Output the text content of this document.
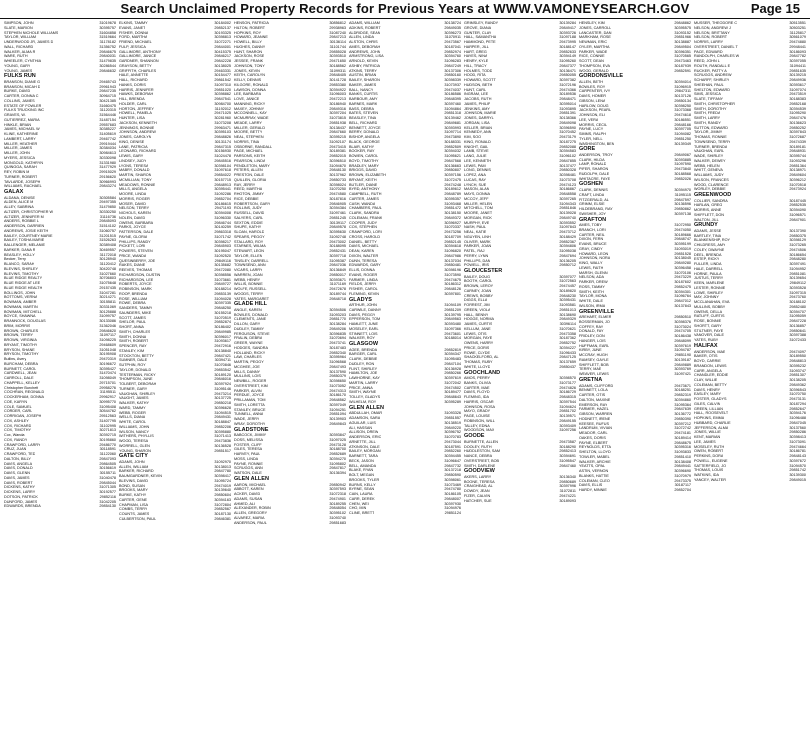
Search Unclaimed Property Records for Previous Years at WWW.VAMONEYSEARCH.GOV	Page 15
SIMPSON, JOHN	31019678
SLATE, MARION	30395757
STEPHEN NICHOLE WILLIAMS	31604858
TAYLOR, WILLIAM	31519664
UNDERWOOD JR, JAMES D	31178182
WALL, RICHARD	31356752
WALKER, ALMA R	29846675
WARE, RUTH	29840031
WHEELER, CYNTHIA	31479835
YOUNG, GARY	30286544
YOUNG, JAMES	29846632
FULKS RUN
BRANSON, DIANE G	29465743
BRANSON, MICAH D	29961943
BURKE, DAVID	29847235
CARTER, DONNA C	30964715
COLLINS, JAMES	30421385
ESTATE OF FOWLER	31660475
FULKS TRUCKING INC	31120315
GRAVES, W.	31564446
GUTIERREZ, MARIA	31487154
HINKLE, BRIAN	29557683
JAMES, MICHAEL W	30385227
KLINE, KATHERINE	31405619
LAMBERT, LARRY	29467742
MILLER, HEATHER	29919444
MILLER, JAMES	30384034
MILLER, JOHN	30984613
MYERS, JESSICA	30330098
MONGOLD, KATHRYN	31331980
QUINGGA, SARAH	31477929
REY, ROBIN M	29915029
TURNER, ROBERT	29156620
TAVLARDE, JOSEPH	30966993
WILLIAMS, RACHAEL	29843274
GALAX
ALDANA, DENISE	30305584
ALDEN, ALICE M	29497355
ALLEY, SABRINA	31479850
ALTIZER, CHRISTOPHER W	30330250
ALTIZER, JENNIFER M	31116736
ANDERS, ROBBIE L	29845093
ANDERSON, DARRIEN	31514102
ANDREWS, JOSIE KEITH	31060757
BAILEY, COURTNEY MARIE	31201515
BAILEY, TOSHA MARIE	31526263
BALLENGER, MELANIE	30389408
BARKER, DANA R	30469557
BEASLEY, HOLLY	31172018
Becker, Terry	30128940
BLANCO, SARAH	31120412
BLEVINS, SHIRLEY	30420748
BLEVINS, TIMOTHY	31027660
BLUE RIDGE REALTY	30706803
BLUE RIDGE AT LEE	31075648
BLUE RIDGE HEALTH	29157435
BOLLINGS, JOHN	31047281
BOTTOMS, VERNA	30214271
BOWMAN, AMBER	30155811
BOWMAN, MARTIN	30331069
BOWMAN, MITCHELL	30125888
BOYCE, SHAWNA	31099757
BRANNOCK, DOUGLAS	30133086
BRIM, MORRIS	31362046
BROWN, CHARLES	29846620
BROWN, TERRY	31097117
BROWN, VIRGINIA	31098225
BRYANT, TIMOTHY	29468609
BRYSON, SHANE	31051048
BRYSON, TIMOTHY	30195908
Bullins, Avery	29470319
BURCHAM, DEBRA	30196672
BURNETT, CAROL	30395427
CARDWELL, JEAN	31470474
CARROLL, DALE	31098049
CHAPPELL, KELLEY	29715701
Christopher Burchett	29958276
COCHRAN, REGINALD	31195511
COCKERHAM, DONNA	29962917
COE, KARYN	30995770
COLE, SAMUEL	31095408
CORDER, CARL	30544762
CORRIGAN, JOSEPH	29512563
COX, ASHLEY	31407795
COX, RICHARD	31102995
COX, TIMOTHY	30271813
Cox, Wanda	30392715
COX, RANDY	30195860
CRAWFORD, LARRY	29486770
CRUZ, JUAN	30118591
CRAWFORD, TED	31122060
DALTON, BILLY	29847093
DAVIS, ANGELA	29864505
DAVIS, DONALD	30156619
DAVIS, GLENN	30155711
DAVIS, JAMES	31040478
DAVIS, ROBERT	29845044
DICKENS, KATHY	31071305
DICKENS, LARRY	30192577
DOTSON, PATRICK	29852116
DUNFORD, JAMES	31042205
EDWARDS, BRENDA	29854130
ELKINS, TAMMY	30184002
EVANS, JANET	29852137
FISHER, DONNA	30193325
FORD, MARTHA	30398813
FRIEND, MICHAEL	31072271
FULP, JESSICA	29844001
GALLIMORE, ANTHONY	30415375
GALLIMORE, JANICE	29846217
GARDNER, SHANNON	29842228
GRAYSON, BETTY	30138025
GRIFFITH, CHARLES	29463331
HALE, ANNETTE	30154477
HALL, RICHARD	29861542
HANKS, DORIS	31097310
HARRIS, JENNIFER	29851020
HAWKS, DEBORAH	30398862
HILL, BRENDA	29847541
HOLDER, CARL	30984700
HORTON, JEFFREY	31192012
HOWELL, PAMELA	29471025
HUNTER, LISA	30281960
JACKSON, KENNETH	31073208
JENNINGS, BONNIE	29963471
JOHNSON, ANDREW	30395103
JONES, CAROLYN	29848826
KING, DENISE	30131174
LANE, PATRICIA	29847315
LEONARD, RICHARD	30156930
LEWIS, GARY	31024478
LINDSEY, JUDY	29845516
LYONS, TERESA	30398104
MABRY, DONALD	31097618
MARTIN, SHARON	29854022
MCMILLIAN, TONY	30157715
MEADOWS, RONNIE	29848913
MILLS, ANGELA	30395441
MOORE, LINDA	31092286
MORRIS, ROGER	29852704
MOSER, DAVID	30186615
NELSON, TERRY	29471193
NICHOLS, KAREN	30394008
NOLEN, DAVID	31096330
OWENS, BARBARA	29846744
PARKS, JOYCE	30140259
PATTERSON, DALE	29863318
PAYNE, GLORIA	31071742
PHILLIPS, RANDY	30398217
PICKETT, LORI	29845903
POWERS, STEVEN	30195047
PRICE, WANDA	31092520
QUESINBERRY, JOE	29849116
RAKES, DIANE	30135682
REEVES, THOMAS	29472080
RICHARDSON, DUSTIN	30398556
RICHARDSON, LEE	31073661
ROBERTS, JOYCE	29849727
ROBINSON, MARK	30188214
ROOP, BRENDA	29853139
ROSE, WILLIAM	31094028
ROWE, DEBRA	30397335
SANDERS, TAMMY	29848250
SAUNDERS, MIKE	30155218
SCOTT, JAMES	31070519
SHELOR, PAUL	29852874
SHORT, ANNA	30186402
SMITH, CHARLES	29849985
SMITH, DONNA	30396017
SMITH, ROBERT	31093617
SPENCER, RAY	29472916
STANLEY, KIM	30138840
STOCKTON, BETTY	29847421
SUMNER, DALE	30394711
SUTPHIN, ROY	31070846
TAYLOR, DONALD	29853542
TESTERMAN, RICKY	30189120
THOMPSON, JUNE	29846016
TOLBERT, DEBORAH	30397924
TURNER, GARY	31095146
VAUGHAN, SHIRLEY	29473214
VAUGHT, JAMES	30137725
WALKER, KATHY	29850218
WARD, TAMMY	30396628
WEBB, ROGER	31094515
WELLS, DIANA	29849431
WHITE, CAROL	30188847
WILLIAMS, JOHN	29852206
WILSON, NANCY	30395880
WITHERS, PHYLLIS	31071413
WOOD, TERESA	29473836
WORRELL, GLEN	30136528
YOUNG, SHARON	29851517
GATE CITY
ADAMS, JOHN	31092970
ALLEN, WILLIAM	30138013
BARKER, RICHARD	29847780
BAUMGARDNER, KEVIN	30398417
BLEVINS, DAVID	31095724
BOND, SUSAN	29474019
BROOKS, MARY	30139640
BURKE, KATHY	29850604
CARTER, GENE	30394163
CHAPMAN, LISA	31072804
COMBS, TERRY	29852567
COUNTS, JAMES	30187130
CULBERTSON, PAUL	29846381
HENSON, PATRICIA	30856812
HILTON, ROBERT	29938963
HOPKINS, ROY	31087240
HOWARD, JEANNE	29847213
HOWELL, BILLY	30136114
HUGHES, DANNY	31101744
HUNT, SHARON	29855028
JACKSON, ROSE	30393510
JESSEE, FRANK	29471650
JOHNSON, TONY	30188562
JONES, KEVIN	31099311
KEITH, CAROLYN	29848405
KELLY, DENNIS	30141728
KILGORE, RONALD	29853380
LAWSON, DONNA	30394922
LEE, BARBARA	31096003
LOVE, JANICE	29472213
MANNING, RICKY	30186940
MAXEY, JOHNNY	29849316
MCCONNELL, KAY	30397204
MCMURRAY, WADE	31073815
MEADE, LARRY	29851938
MILLER, GERALD	30138437
MOORE, BETTY	29847660
NEAL, STEPHEN	30395215
NORRIS, TINA	31092107
OSBORNE, RANDALL	29473415
PAGE, MICHAEL	30189381
PARSONS, KEITH	29852015
PEARSON, LINDA	30396510
PENDLETON, MARY	31094670
PETERS, ALLEN	29848130
PRESTON, DALE	30137962
QUILLEN, GLORIA	29850733
RAY, JERRY	30398024
REED, MARTHA	31070250
RHOTON, JIMMY	29474580
RICE, DEBBIE	30187816
ROBERTSON, GARY	29846905
ROLLINS, JUDY	30394384
RUSSELL, DAVID	31097461
SALYERS, CARL	29851245
SEXTON, EDDIE	30139117
SHUPE, KATHY	29849578
SLOAN, HAROLD	30395630
SPEARS, PEGGY	31092748
STALLARD, ROY	29473002
STARNES, WILMA	30188095
STEWART, LEON	29852431
TAYLOR, ELLEN	30397718
TINSLEY, DARRELL	31095387
TOWNSEND, ANN	29847036
VICARS, LARRY	30136849
WARREN, JOAN	29850017
WEBB, HENRY	30393671
WILLIS, BONNIE	31071169
WOLFE, RUSSELL	29472678
WOODS, TERRY	30189744
YATES, MARGARET	29848718
GLADE HILL
ANGLE, KAREN	30394506
BOWLES, DONALD	31093203
CLEMENTS, JANE	29851770
DILLON, GARY	30138284
DUDLEY, TAMMY	29849206
FERGUSON, STEVE	30396835
FRALIN, DEBRA	31070694
GREER, WAYNE	29473741
HODGES, SANDRA	30187483
HOLLAND, RICKY	29852340
LAW, CHARLES	30395964
MARTIN, PEGGY	31096568
MCGHEE, JOE	29847493
MILLS, DANNY	30137590
MULLINS, LOIS	29850379
NEWBILL, ROGER	30398650
OVERSTREET, KIM	31073052
PARKER, ALVIN	29474313
PERDUE, JOYCE	30186170
PRILLAMAN, TOM	29848562
SMITH, LORETTA	30397049
STANLEY, BRUCE	31094251
TUNNELL, ANNA	29851094
WADE, JERRY	30139903
WRAY, DOROTHY	29849843
GLADSTONE
BABCOCK, JIMMY	30393847
DOSS, MELISSA	31097025
FOSTER, CLIFF	29473128
GILES, TERESA	30188700
HARVEY, PAUL	29852689
MOSS, LINDA	30394270
PAYNE, RONNIE	31095802
SCRUGGS, ANN	29847817
WATSON, DALE	30136394
GLEN ALLEN
AARON, MICHAEL	29850942
ABBOTT, KAREN	30397593
ACKER, DAVID	31072318
ADAMS, SUSAN	29474901
AHMED, ALI	30189255
ALEXANDER, ROBIN	29848054
ALLEN, GREGORY	30395102
ALVAREZ, MARIA	31093740
ANDERSON, PAUL	29851683
ADAMS, WILLIAM	30138724
ADKINS, ROBERT	29849035
ALDRIDGE, SEAN	30396273
ALLEN, LINDA	31070911
ALSTON, CHRIS	29473567
AMES, DEBORAH	30187041
ANDREWS, JOHN	29852974
ARMSTRONG, LISA	30394760
ARNOLD, KEVIN	31096283
ASHBY, PATRICIA	29847249
ATKINS, TERRY	30137306
AUSTIN, BRIAN	29850160
BAILEY, SHARON	30398339
BAKER, JAMES	31073937
BALL, NANCY	29474037
BANKS, CURTIS	30186586
BARBOUR, AMY	29848395
BARNES, MARK	30397460
BASS, DEBRA	31094864
BATES, STEVEN	29851318
BEASLEY, TINA	30139462
BELL, RICHARD	29849681
BENNETT, JOYCE	30393993
BERRY, DONALD	31097714
BISHOP, ANGELA	29473890
BLACK, GEORGE	30188331
BLAIR, KATHY	29852509
BOOKER, RAY	30394032
BOWEN, CAROL	31095621
BOYD, TIMOTHY	29847568
BRADLEY, MARY	30136663
BRIGGS, DAVID	29850807
BROWN, ELIZABETH	30397156
BRYANT, KEITH	31072475
BUTLER, DIANE	29474248
BYRD, ANTHONY	30189612
CAMPBELL, RUTH	29848789
CARTER, JAMES	30395357
CASH, WANDA	31093468
CHAMBERS, PAUL	29851472
CLARK, SANDRA	30138150
COLEMAN, FRANK	29849372
COOPER, JUDY	30396927
COX, STEPHEN	31070337
CRAWFORD, LORI	29473256
CROSS, HAROLD	30187709
DANIEL, BETTY	29852145
DAVIS, MICHAEL	30394618
DEAN, KAREN	31096820
DIXON, WALTER	29847986
DUNN, TERESA	30137034
EDWARDS, GARY	29850481
ELLIS, DONNA	30398196
EVANS, ROGER	31073590
FARMER, LINDA	29474675
FIELDS, JERRY	30186312
FISHER, CAROL	29848126
FLEMING, KEVIN	30397801
GLADYS
ARTHUR, JOHN	31094109
CARWILE, DANNY	29851209
DAVIS, PEGGY	30139795
EPPERSON, TOM	29849563
HAMLETT, JUNE	30393480
MOSELEY, EARL	31097366
STINNETT, LOIS	29473601
WALKER, ROY	30188014
GLASGOW
AGEE, BRENDA	29852819
BARGER, CARL	30394347
CLARK, DEBBIE	31095483
DUDLEY, RON	29847104
FLINT, SHIRLEY	30136928
HAMILTON, JOE	29850266
LAWHORNE, KAY	30397619
MARTIN, LARRY	31072042
PRICE, ANNA	29474502
SMITH, WAYNE	30189477
TOLLEY, GLADYS	29848643
WILHELM, ROY	30395289
GLEN ALLEN
ABDULLAH, OMAR	31093326
ADAMSON, SARA	29851557
AGUILAR, LUIS	30138519
ALI, HASSAN	29849220
ALLISON, DREW	30396752
ANDERSON, ERIC	31070783
ARNETTE, JILL	29473044
ATKINSON, DALE	30187591
BAILEY, MORGAN	29852260
BARNETT, TARA	30394455
BECK, JASON	31096647
BELL, AMANDA	29847732
BLAKE, RYAN	30137218
BOLT, MEGAN	29850590
BROOKS, TYLER	30398061
BURNS, KELLY	31073469
BYRNE, SEAN	29474780
CAIN, LAURA	30186105
CARR, DEREK	29848007
CHEN, WEI	30397930
CHO, MIN	31094976
CLINE, BRETT	29851124
GRIMSLEY, RANDY	30139284
GROVE, DIANA	29849417
GUNTER, CLAY	30393726
HALL, SAMANTHA	31097188
HAMMOND, PETE	29473995
HARPER, JILL	30188147
HART, GREG	29852633
HAYES, NINA	30394149
HENRY, KYLE	31095260
HILL, TRACY	29847377
HOLMES, TODD	30136471
HOOD, RITA	29850055
HOWARD, SCOTT	30397382
HUDSON, BETH	31072196
HUNT, CARL	29474366
INGRAM, LEE	30189536
JACOBS, RUTH	29848471
JAMES, PHILIP	30395014
JENKINS, AMY	31093895
JOHNSON, MARIE	29851391
JONES, DARRYL	30138366
JORDAN, LISA	29849098
KELLER, BRIAN	30396590
KENNEDY, ANN	31070452
KIM, SOO	29473179
KING, RONALD	30187275
KNIGHT, GAIL	29852088
LAMB, STEVE	30394583
LANG, JULIE	31096102
LEE, KENNETH	29847855
LEWIS, PAM	30137477
LONG, DENNIS	29850328
LOPEZ, ANA	30398481
LUCAS, RAY	31073708
LYNCH, SUE	29474123
MASON, ALAN	30186867
MAYS, DONNA	29848558
MCCOY, JEFF	30397265
MILLER, HELEN	31094343
MITCHELL, TOM	29851846
MOORE, JANET	30139028
MORGAN, RICK	29849740
MURPHY, EVE	30393552
NASH, PAUL	31097843
NEAL, KATIE	29473712
NGUYEN, LINH	30188429
OLIVER, MARK	29852367
PARKER, JOAN	30394806
PATEL, RAJ	31095038
PERRY, LYNN	29847694
PHILLIPS, DAN	30136205
POWELL, IRIS	29850712
GLOUCESTER
BAILEY, DOUG	30397077
BOOTH, CAROL	31072563
BROWN, LEROY	29474457
CARNEY, JOAN	30189820
CREWS, BOBBY	29848230
DIGGS, ELLA	30395431
FORREST, JIM	31093581
GREEN, VIOLA	29851013
HALL, BENNY	30138690
HOGGE, NORMA	29849329
JAMES, CURTIS	30396114
KELLUM, JANE	31070621
LEWIS, OTIS	29473358
MORGAN, FAYE	30187362
OWENS, HARRY	29852752
PRICE, DORIS	30394227
ROWE, CLYDE	31096433
SHACKELFORD, AL	29847125
THOMAS, RUBY	30137659
WHITE, LLOYD	29850437
GOOCHLAND
AMOS, PERRY	30398570
BANKS, OLIVIA	31073177
CARTER, MAE	29474826
DAVIS, FLOYD	30186729
FLEMING, IDA	29848315
HARRIS, OSCAR	30397544
JOHNSON, ROSA	31094624
MAYO, GRADY	29851702
PAGE, LOUISE	30139571
ROBINSON, WILL	29849155
TALLEY, EDNA	30393409
WOODSON, MAX	31097256
GOODE
BURNETTE, ALLEN	29473587
DOOLEY, RUTH	30188290
HUDDLESTON, SAM	29852413
NANCE, DEBRA	30394691
OVERSTREET, BOB	31095547
SMITH, DARLENE	29847460
GOODVIEW
AKERS, LARRY	30136340
BOONE, TERESA	29850689
CRAIGHEAD, AL	30397996
DOWDY, JEAN	31072811
FIZER, CALVIN	29474221
HATCHER, SUE	30189093
HENSLEY, KIM	29848862
JONES, CARROLL	30395575
LANCASTER, DAN	31093152
MARKHAM, ROSE	29851966
NEWMAN, ERIC	30138887
OYLER, MARTHA	29849504
PARKER, WADE	30396351
RICE, CONNIE	31070565
SCOTT, DEAN	29473463
THOMPSON, EVA	30187939
WOOD, GERALD	29852591
GORDONSVILLE
ALLEN, BETH	30394014
BOWLES, ROY	31096915
CARPENTER, IVY	29847311
DAVIS, HOMER	30137126
GIBSON, LENA	29850134
HARLOW, DOUG	30398250
JACKSON, PEARL	31073368
JOHNSON, ELI	29474618
LEE, VERA	30186551
MORRIS, CECIL	29848166
PAYNE, LUCY	30397705
SIMMS, RALPH	31094082
TYLER, NELL	29851250
WASHINGTON, BEN	30139349
GORE
ANDERSON, TROY	29849067
CLARK, HILDA	30393885
LAMP, RONALD	31097590
PIFER, SHARON	29473840
RUDOLPH, DALE	30188568
WHITACRE, FAYE	29852026
GOSHEN
CLARK, DENNIS	30394970
CRAFT, LINDA	31095115
FITZGERALD, AL	29847597
GRIMM, ELSIE	30136596
HILDEBRAND, RAY	29850862
SWISHER, JOY	30397138
GRAFTON
AMES, TOBY	31072950
BRANCH, LORI	29474050
CARTER, NEIL	30189666
DIXON, FERN	29848747
EVANS, BRUCE	30395199
GRAY, CINDY	31093019
HOWARD, LEON	29851528
JOHNSON, NORA	30138045
KING, WALLY	29849280
LEWIS, FAITH	30396458
MARSH, GLENN	31070106
NELSON, ADA	29473229
PARKER, DREW	30187602
ROSS, TAMMY	29852475
SMITH, KEITH	30394301
TAYLOR, MONA	31096764
WHITE, DALE	29847012
WILSON, IRMA	30137843
GREENVILLE
AREHART, ELMER	29850510
BOSSERMAN, JO	30398376
COFFEY, RAY	31073024
DONALD, FAY	29474705
FRIDLEY, DON	30186438
HANGER, LOIS	29848099
HUFFMAN, EARL	30397619
KIRBY, JUNE	31094787
MCCRAY, HUGH	29851190
RAMSEY, GAYLE	30139187
SHIFFLETT, BOB	29849889
TERRY, MAE	30393769
WEAVER, LEWIS	31097421
GRETNA
ADAMS, CLIFFORD	29473671
BENNETT, LOLA	30188251
CARTER, OTIS	29852319
DALTON, MAXINE	30394860
EMERSON, RAY	31095364
FARMER, HAZEL	29847639
GIBSON, WARREN	30136772
HODNETT, IRENE	29850390
KEESEE, RUFUS	30397212
LANDRUM, VIVIAN	31072742
MEADOR, CARL	29474181
OAKES, DORIS	30189414
PAYNE, ELBERT	29848675
REYNOLDS, ETTA	30395316
SHELTON, LLOYD	31093833
TOWLER, MABEL	29851410
WALKER, ARCHIE	30138408
YEATTS, OPAL	29849441
ASTIN, VERNON	30396690
BLANKS, HATTIE	31070979
COLEMAN, CLEO	29473375
DAVIS, ELLIS	30187117
HARDY, MINNIE	29852704
MUSSER, THEODORE C	30513551
NELSON, ANDREW J	30503251
NELSON, BRITTANY	31125817
NELSON, ROBERT	30561079
NORRIS, LARRY	29474880
OVERSTREET, DANIEL T	29948441
PACE, EDWARD	30186093
RANDOLPH, CHARLES W	29847782
REED, JOHN L	30397055
ROUTH, RANDALL E	31094411
RUCKER, PATTY A	29851635
SCRUGGS, ANDREW	30139215
SCHARFF, SHIRLEY	29849936
SHEEHAN, PAUL	30393617
SHELTON, EDWARD	31097074
SIMS, JESSICA	29473519
SLATE, TIFFANY	30188383
SMITH, CHRISTOPHER	29852168
SMITH, DOROTHY	30394539
SMITH, FREDA	31095290
SMITH, LARRY	29847476
SMITH, RANDY	30136623
SUTTON, EDWARD	29850252
TAYLOR, JIMMY	30397843
THOMAS, RONNIE	31072687
TOWNSEND, TERRY	29474339
TURNER, BRENDA	30189181
VAUGHAN, EARL	29848931
WADE, SHIRLEY	30395744
WALKER, DEWEY	31093296
WEBB, HELEN	29851364
WHITT, GENEVA	30138971
WILLIAMS, JUDY	29849604
WILSON, FRANCES	30396212
WOOD, CLARENCE	31070518
WORLEY, DEBBIE	29473924
GREENWOOD
COLLIER, SANDRA	30187445
HARLAN, GREG	29852535
MORRIS, ANNE	30394090
SHIFFLETT, DON	31096571
WALTON, JILL	29847901
GRUNDY
ADAMS, JESSE	30137390
BARTLEY, TINA	29850375
BLANKENSHIP, ROY	30398129
CHILDRESS, AMY	31073265
COLEY, DWAYNE	29474506
DEEL, BRENDA	30186654
ESTEP, RICKY	29848280
FULLER, LINDA	30397491
HALE, DARRELL	31094952
HORNE, PAULA	29851081
JUSTUS, TERRY	30139654
KEEN, MARLENE	29849112
LESTER, RONNIE	30393528
LOWE, SHIRLEY	31097315
MAY, JOHNNY	29473760
MCCLANAHAN, EVA	30188102
MULLINS, BOBBY	29852480
OWENS, DELLA	30394707
RATLIFF, CURTIS	31095059
ROSE, BONNIE	29847228
SHORTT, GARY	30136857
STILTNER, FAYE	29850641
VANOVER, DALE	30397388
YATES, RUBY	31072433
HALIFAX
ANDERSON, MAE	29474097
BAKER, OTIS	30189550
BOYD, CARRIE	29848813
BRANDON, LEWIS	30395232
CARR, ANGELA	31093747
CHANDLER, EDDIE	29851307
CLAY, WILLIE	30138205
COLEMAN, BETTY	29849362
DAVIS, HENRY	30396543
EASLEY, MARY	31070750
FOSTER, GLADYS	29473131
GILES, CALVIN	30187294
GREEN, LILLIAN	29852647
HALL, ROOSEVELT	30394176
HOPKINS, EMMA	31096488
HUBBARD, CHARLIE	29847045
JEFFERSON, ALMA	30137560
JONES, WILLIE	29850286
KENT, MARIAN	30398413
LEE, JAMES	31073091
MOSELEY, RUTH	29474664
OWEN, ROBERT	30186781
PERKINS, DORA	29848143
POWELL, EUGENE	30397672
SATTERFIELD, JO	31094570
THOMAS, LOUIS	29851742
WATKINS, IDA	30139300
YANCEY, WALTER	29849015
